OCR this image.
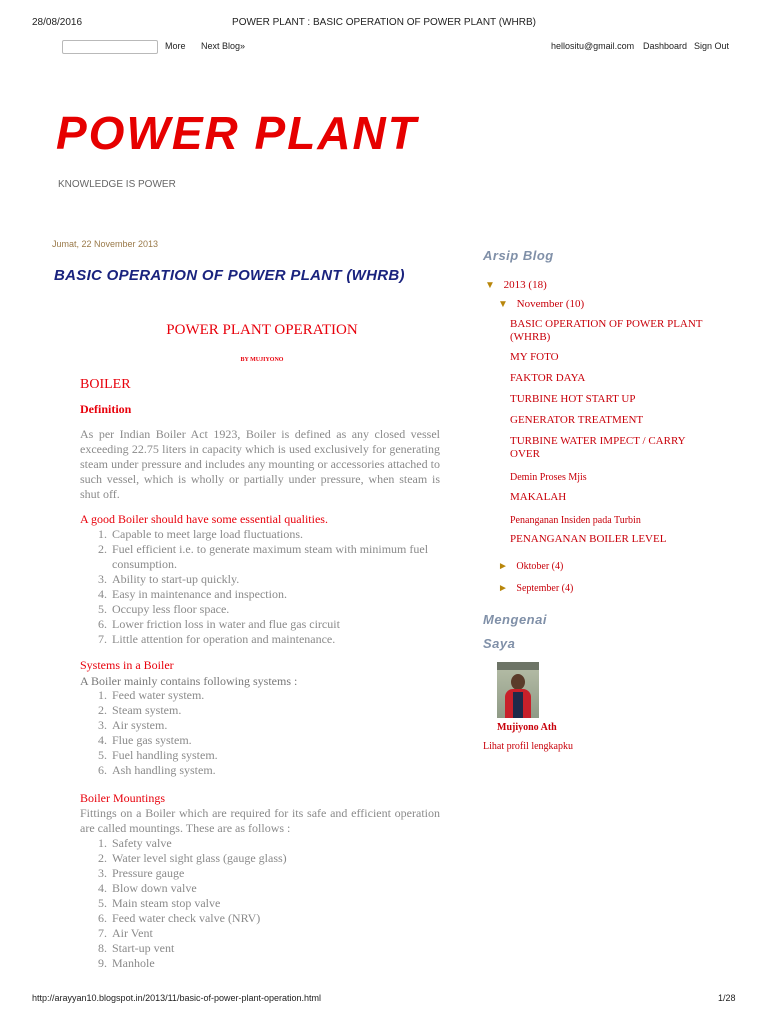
28/08/2016	POWER PLANT : BASIC OPERATION OF POWER PLANT (WHRB)
More Next Blog»	hellositu@gmail.com Dashboard Sign Out
POWER PLANT
KNOWLEDGE IS POWER
Jumat, 22 November 2013
BASIC OPERATION OF POWER PLANT (WHRB)
POWER PLANT OPERATION
BY MUJIYONO
BOILER
Definition
As per Indian Boiler Act 1923, Boiler is defined as any closed vessel exceeding 22.75 liters in capacity which is used exclusively for generating steam under pressure and includes any mounting or accessories attached to such vessel, which is wholly or partially under pressure, when steam is shut off.
A good Boiler should have some essential qualities.
1. Capable to meet large load fluctuations.
2. Fuel efficient i.e. to generate maximum steam with minimum fuel consumption.
3. Ability to start-up quickly.
4. Easy in maintenance and inspection.
5. Occupy less floor space.
6. Lower friction loss in water and flue gas circuit
7. Little attention for operation and maintenance.
Systems in a Boiler
A Boiler mainly contains following systems :
1. Feed water system.
2. Steam system.
3. Air system.
4. Flue gas system.
5. Fuel handling system.
6. Ash handling system.
Boiler Mountings
Fittings on a Boiler which are required for its safe and efficient operation are called mountings. These are as follows :
1. Safety valve
2. Water level sight glass (gauge glass)
3. Pressure gauge
4. Blow down valve
5. Main steam stop valve
6. Feed water check valve (NRV)
7. Air Vent
8. Start-up vent
9. Manhole
Arsip Blog
▼ 2013 (18)
▼ November (10)
BASIC OPERATION OF POWER PLANT (WHRB)
MY FOTO
FAKTOR DAYA
TURBINE HOT START UP
GENERATOR TREATMENT
TURBINE WATER IMPECT / CARRY OVER
Demin Proses Mjis
MAKALAH
Penanganan Insiden pada Turbin
PENANGANAN BOILER LEVEL
► Oktober (4)
► September (4)
Mengenai
Saya
Mujiyono Ath
Lihat profil lengkapku
http://arayyan10.blogspot.in/2013/11/basic-of-power-plant-operation.html	1/28
